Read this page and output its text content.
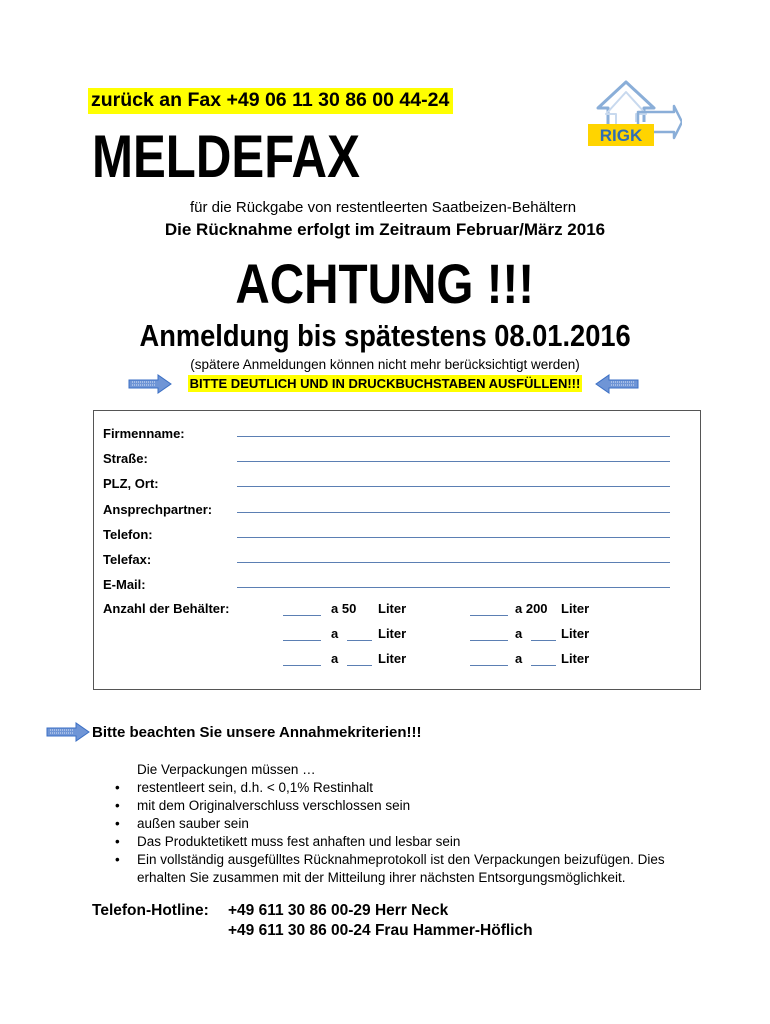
zurück an Fax +49 06 11 30 86 00 44-24
RIGK
MELDEFAX
für die Rückgabe von restentleerten Saatbeizen-Behältern
Die Rücknahme erfolgt im Zeitraum Februar/März 2016
ACHTUNG !!!
Anmeldung bis spätestens 08.01.2016
(spätere Anmeldungen können nicht mehr berücksichtigt werden)
BITTE DEUTLICH UND IN DRUCKBUCHSTABEN AUSFÜLLEN!!!
Firmenname:
Straße:
PLZ, Ort:
Ansprechpartner:
Telefon:
Telefax:
E-Mail:
Anzahl der Behälter:	a 50 Liter	a 200 Liter
a	Liter	a	Liter
a	Liter	a	Liter
Bitte beachten Sie unsere Annahmekriterien!!!
Die Verpackungen müssen …
• restentleert sein, d.h. < 0,1% Restinhalt
• mit dem Originalverschluss verschlossen sein
• außen sauber sein
• Das Produktetikett muss fest anhaften und lesbar sein
• Ein vollständig ausgefülltes Rücknahmeprotokoll ist den Verpackungen beizufügen. Dies erhalten Sie zusammen mit der Mitteilung ihrer nächsten Entsorgungsmöglichkeit.
Telefon-Hotline: +49 611 30 86 00-29 Herr Neck
+49 611 30 86 00-24 Frau Hammer-Höflich
